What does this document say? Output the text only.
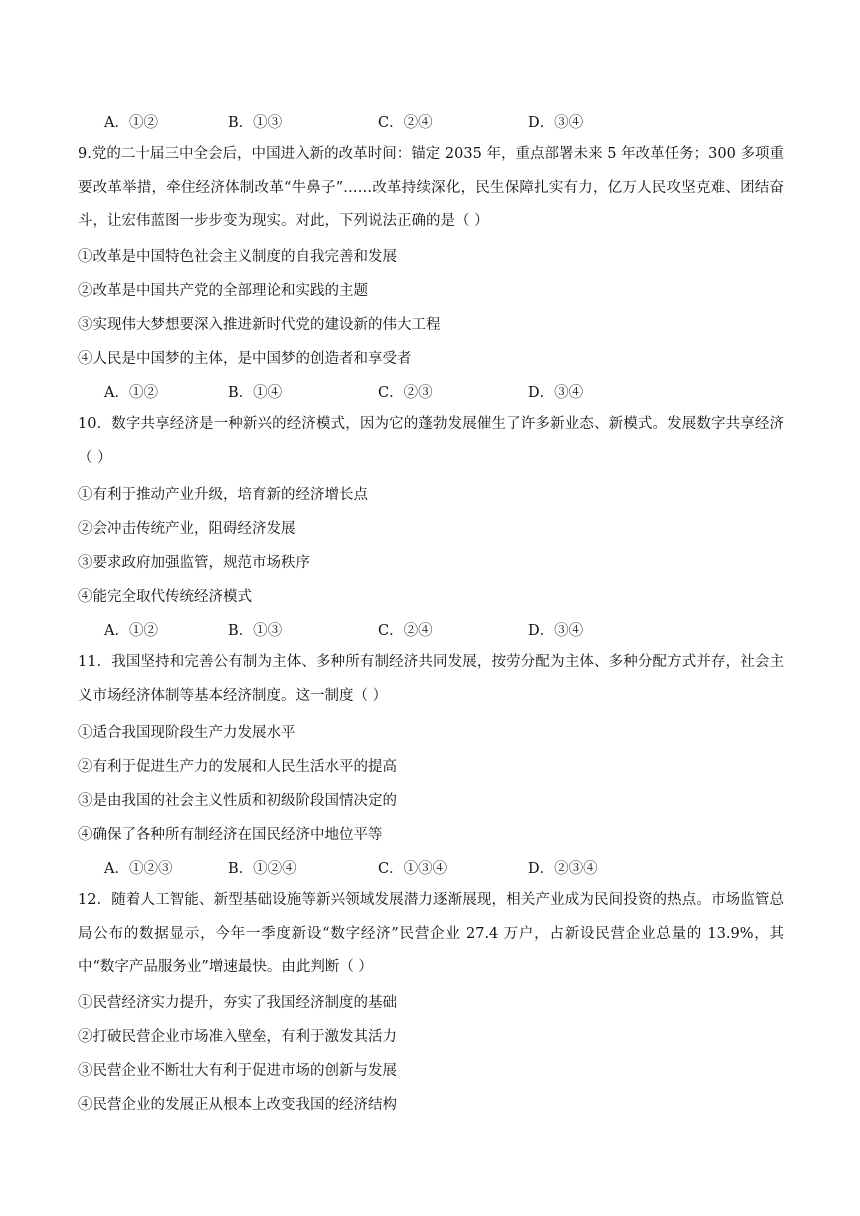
A．①②	B．①③	C．②④	D．③④
9.党的二十届三中全会后，中国进入新的改革时间：锚定 2035 年，重点部署未来 5 年改革任务；300 多项重要改革举措，牵住经济体制改革“牛鼻子”……改革持续深化，民生保障扎实有力，亿万人民攻坚克难、团结奋斗，让宏伟蓝图一步步变为现实。对此，下列说法正确的是（ ）
①改革是中国特色社会主义制度的自我完善和发展
②改革是中国共产党的全部理论和实践的主题
③实现伟大梦想要深入推进新时代党的建设新的伟大工程
④人民是中国梦的主体，是中国梦的创造者和享受者
A．①②	B．①④	C．②③	D．③④
10．数字共享经济是一种新兴的经济模式，因为它的蓬勃发展催生了许多新业态、新模式。发展数字共享经济（ ）
①有利于推动产业升级，培育新的经济增长点
②会冲击传统产业，阻碍经济发展
③要求政府加强监管，规范市场秩序
④能完全取代传统经济模式
A．①②	B．①③	C．②④	D．③④
11．我国坚持和完善公有制为主体、多种所有制经济共同发展，按劳分配为主体、多种分配方式并存，社会主义市场经济体制等基本经济制度。这一制度（ ）
①适合我国现阶段生产力发展水平
②有利于促进生产力的发展和人民生活水平的提高
③是由我国的社会主义性质和初级阶段国情决定的
④确保了各种所有制经济在国民经济中地位平等
A．①②③	B．①②④	C．①③④	D．②③④
12．随着人工智能、新型基础设施等新兴领域发展潜力逐渐展现，相关产业成为民间投资的热点。市场监管总局公布的数据显示，今年一季度新设“数字经济”民营企业 27.4 万户，占新设民营企业总量的 13.9%，其中“数字产品服务业”增速最快。由此判断（ ）
①民营经济实力提升，夯实了我国经济制度的基础
②打破民营企业市场准入壁垒，有利于激发其活力
③民营企业不断壮大有利于促进市场的创新与发展
④民营企业的发展正从根本上改变我国的经济结构
